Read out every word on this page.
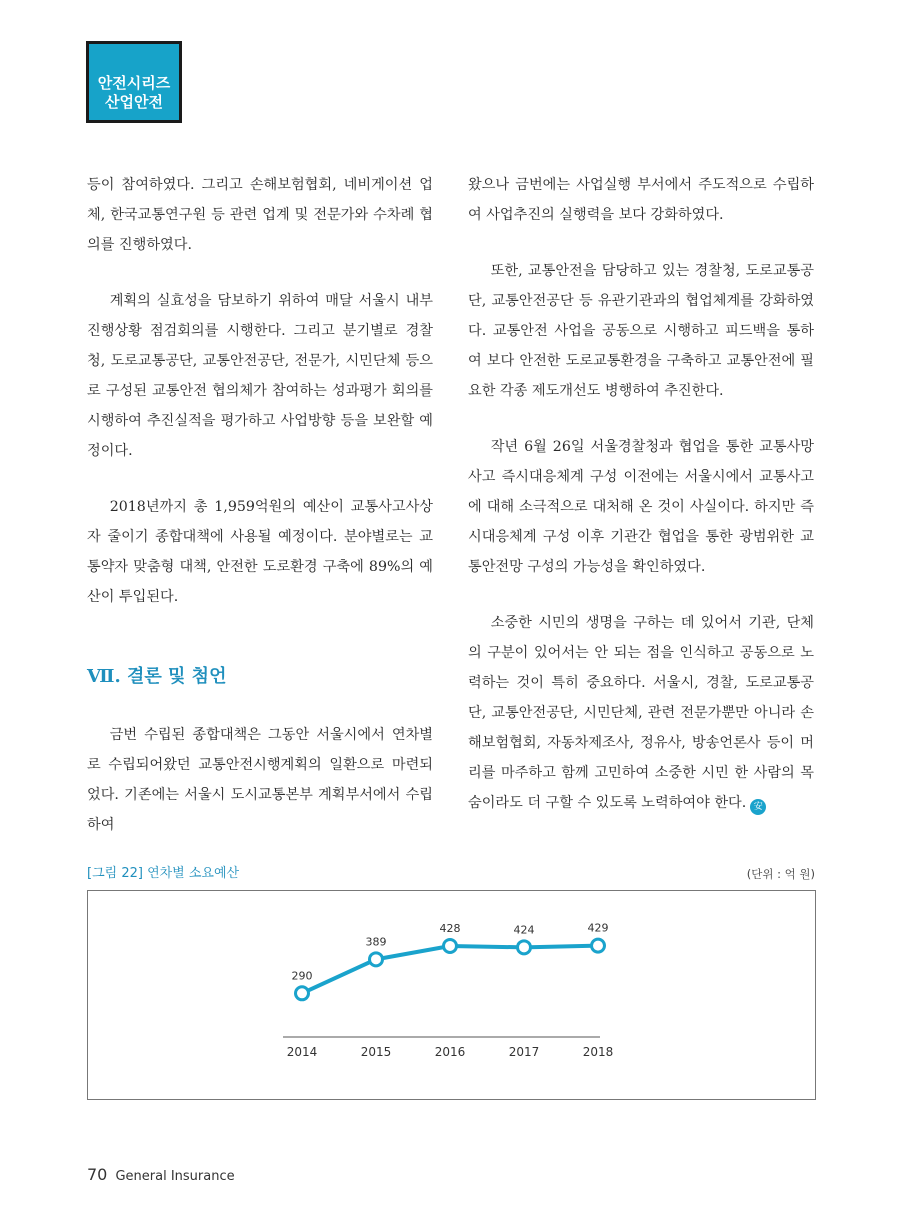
안전시리즈
산업안전

등이 참여하였다. 그리고 손해보험협회, 네비게이션 업체, 한국교통연구원 등 관련 업계 및 전문가와 수차례 협의를 진행하였다.

계획의 실효성을 담보하기 위하여 매달 서울시 내부 진행상황 점검회의를 시행한다. 그리고 분기별로 경찰청, 도로교통공단, 교통안전공단, 전문가, 시민단체 등으로 구성된 교통안전 협의체가 참여하는 성과평가 회의를 시행하여 추진실적을 평가하고 사업방향 등을 보완할 예정이다.

2018년까지 총 1,959억원의 예산이 교통사고사상자 줄이기 종합대책에 사용될 예정이다. 분야별로는 교통약자 맞춤형 대책, 안전한 도로환경 구축에 89%의 예산이 투입된다.

Ⅶ. 결론 및 첨언

금번 수립된 종합대책은 그동안 서울시에서 연차별로 수립되어왔던 교통안전시행계획의 일환으로 마련되었다. 기존에는 서울시 도시교통본부 계획부서에서 수립하여

왔으나 금번에는 사업실행 부서에서 주도적으로 수립하여 사업추진의 실행력을 보다 강화하였다.

또한, 교통안전을 담당하고 있는 경찰청, 도로교통공단, 교통안전공단 등 유관기관과의 협업체계를 강화하였다. 교통안전 사업을 공동으로 시행하고 피드백을 통하여 보다 안전한 도로교통환경을 구축하고 교통안전에 필요한 각종 제도개선도 병행하여 추진한다.

작년 6월 26일 서울경찰청과 협업을 통한 교통사망사고 즉시대응체계 구성 이전에는 서울시에서 교통사고에 대해 소극적으로 대처해 온 것이 사실이다. 하지만 즉시대응체계 구성 이후 기관간 협업을 통한 광범위한 교통안전망 구성의 가능성을 확인하였다.

소중한 시민의 생명을 구하는 데 있어서 기관, 단체의 구분이 있어서는 안 되는 점을 인식하고 공동으로 노력하는 것이 특히 중요하다. 서울시, 경찰, 도로교통공단, 교통안전공단, 시민단체, 관련 전문가뿐만 아니라 손해보험협회, 자동차제조사, 정유사, 방송언론사 등이 머리를 마주하고 함께 고민하여 소중한 시민 한 사람의 목숨이라도 더 구할 수 있도록 노력하여야 한다. 安

[그림 22] 연차별 소요예산	(단위 : 억 원)
290
389
428	424	429
2014	2015	2016	2017	2018
70 General Insurance
